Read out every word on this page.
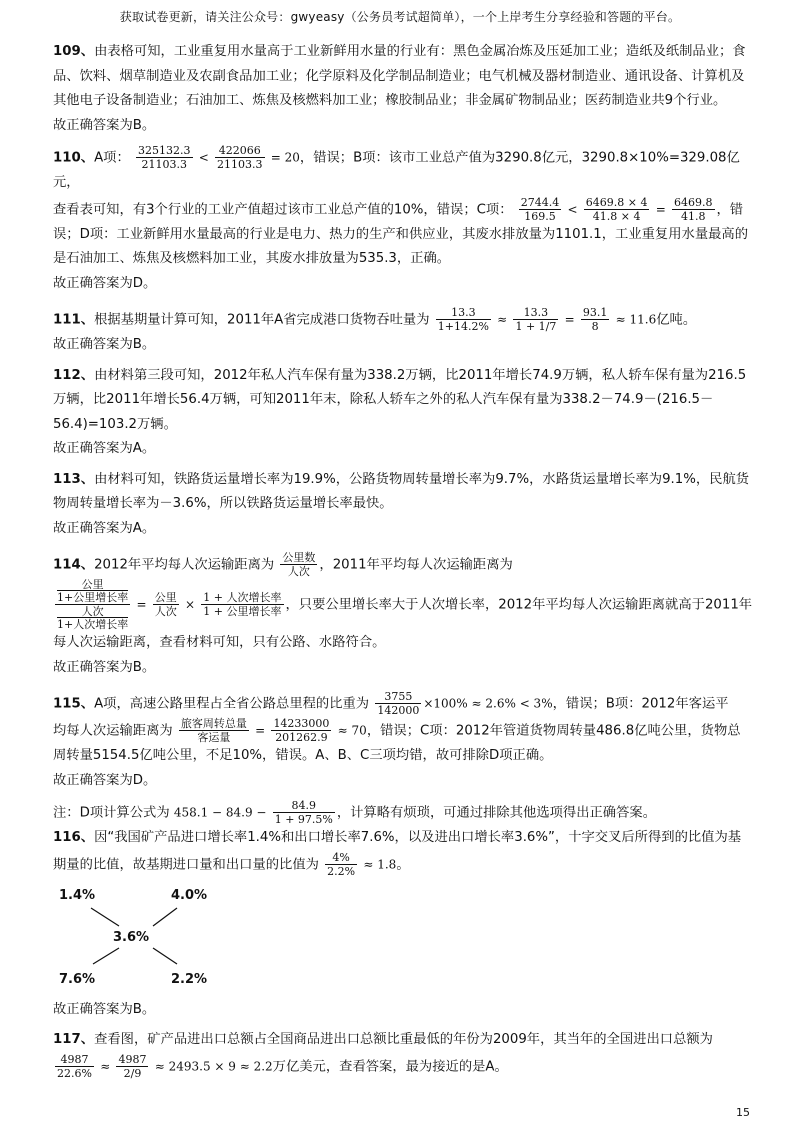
获取试卷更新，请关注公众号：gwyeasy（公务员考试超简单），一个上岸考生分享经验和答题的平台。

109、由表格可知，工业重复用水量高于工业新鲜用水量的行业有：黑色金属冶炼及压延加工业；造纸及纸制品业；食品、饮料、烟草制造业及农副食品加工业；化学原料及化学制品制造业；电气机械及器材制造业、通讯设备、计算机及其他电子设备制造业；石油加工、炼焦及核燃料加工业；橡胶制品业；非金属矿物制品业；医药制造业共9个行业。

故正确答案为B。

110、A项： $\frac{325132.3}{21103.3} < \frac{422066}{21103.3} = 20$，错误；B项：该市工业总产值为3290.8亿元，3290.8×10%=329.08亿元，
查看表可知，有3个行业的工业产值超过该市工业总产值的10%，错误；C项： $\frac{2744.4}{169.5} < \frac{6469.8 \times 4}{41.8 \times 4} = \frac{6469.8}{41.8}$ ，错误；D项：工业新鲜用水量最高的行业是电力、热力的生产和供应业，其废水排放量为1101.1，工业重复用水量最高的是石油加工、炼焦及核燃料加工业，其废水排放量为535.3，正确。

故正确答案为D。

111、根据基期量计算可知，2011年A省完成港口货物吞吐量为 $\frac{13.3}{1+14.2\%} \approx \frac{13.3}{1 + 1/7} = \frac{93.1}{8} \approx 11.6$亿吨。

故正确答案为B。

112、由材料第三段可知，2012年私人汽车保有量为338.2万辆，比2011年增长74.9万辆，私人轿车保有量为216.5万辆，比2011年增长56.4万辆，可知2011年末，除私人轿车之外的私人汽车保有量为338.2－74.9－(216.5－56.4)=103.2万辆。

故正确答案为A。

113、由材料可知，铁路货运量增长率为19.9%，公路货物周转量增长率为9.7%，水路货运量增长率为9.1%，民航货物周转量增长率为－3.6%，所以铁路货运量增长率最快。

故正确答案为A。

114、2012年平均每人次运输距离为 $\frac{\text{公里数}}{\text{人次}}$ ，2011年平均每人次运输距离为

公里
1+公里增长率
人次
1+人次增长率
= $\frac{\text{公里}}{\text{人次}} \times \frac{\text{1 + 人次增长率}}{\text{1 + 公里增长率}}$ ，只要公里增长率大于人次增长率，2012年平均每人次运输距离就高于2011年每人次运输距离，查看材料可知，只有公路、水路符合。

故正确答案为B。

115、A项，高速公路里程占全省公路总里程的比重为 $\frac{3755}{142000} \times 100\% \approx 2.6\% < 3\%$，错误；B项：2012年客运平
均每人次运输距离为 $\frac{\text{旅客周转总量}}{\text{客运量}} = \frac{14233000}{201262.9} \approx 70$，错误；C项：2012年管道货物周转量486.8亿吨公里，货物总周转量5154.5亿吨公里，不足10%，错误。A、B、C三项均错，故可排除D项正确。

故正确答案为D。

注：D项计算公式为 $458.1 - 84.9 - \frac{84.9}{1 + 97.5\%}$ ，计算略有烦琐，可通过排除其他选项得出正确答案。

116、因“我国矿产品进口增长率1.4%和出口增长率7.6%，以及进出口增长率3.6%”，十字交叉后所得到的比值为基期量的比值，故基期进口量和出口量的比值为 $\frac{4\%}{2.2\%} \approx 1.8$。

1.4%	4.0%
3.6%
7.6%	2.2%

故正确答案为B。

117、查看图，矿产品进出口总额占全国商品进出口总额比重最低的年份为2009年，其当年的全国进出口总额为

$\frac{4987}{22.6\%} \approx \frac{4987}{2/9} \approx 2493.5 \times 9 \approx 2.2$万亿美元，查看答案，最为接近的是A。

15
